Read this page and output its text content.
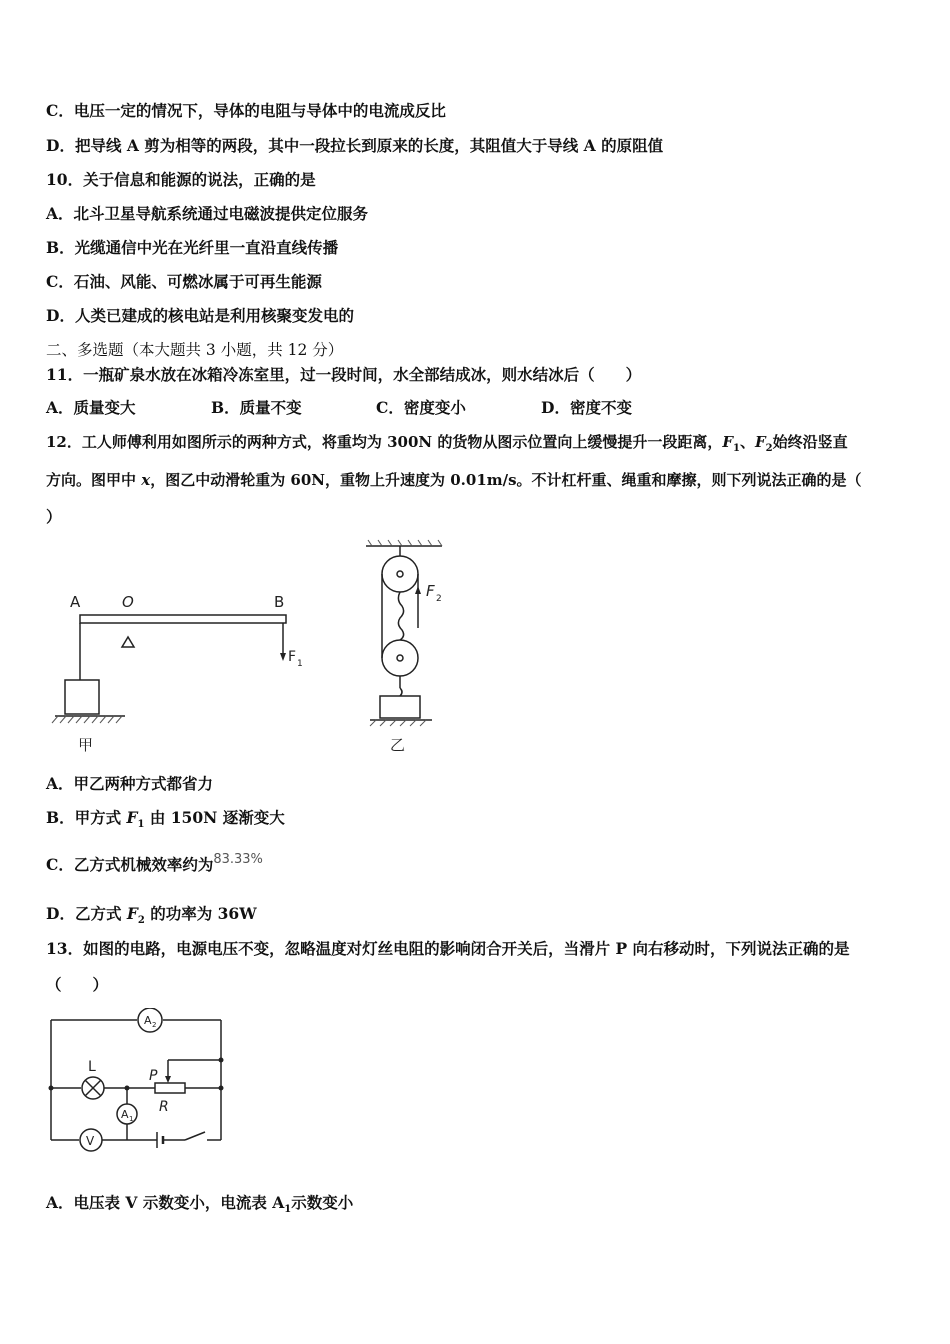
C．电压一定的情况下，导体的电阻与导体中的电流成反比
D．把导线 A 剪为相等的两段，其中一段拉长到原来的长度，其阻值大于导线 A 的原阻值
10．关于信息和能源的说法，正确的是
A．北斗卫星导航系统通过电磁波提供定位服务
B．光缆通信中光在光纤里一直沿直线传播
C．石油、风能、可燃冰属于可再生能源
D．人类已建成的核电站是利用核聚变发电的
二、多选题（本大题共 3 小题，共 12 分）
11．一瓶矿泉水放在冰箱冷冻室里，过一段时间，水全部结成冰，则水结冰后（　　）
A．质量变大	B．质量不变	C．密度变小	D．密度不变
12．工人师傅利用如图所示的两种方式，将重均为 300N 的货物从图示位置向上缓慢提升一段距离，$F_1$、$F_2$始终沿竖直
方向。图甲中 x，图乙中动滑轮重为 60N，重物上升速度为 0.01m/s。不计杠杆重、绳重和摩擦，则下列说法正确的是（
）
A	O	B
F 1
甲
F 2
乙
A．甲乙两种方式都省力
B．甲方式 $F_1$ 由 150N 逐渐变大
C．乙方式机械效率约为$^{83.33\%}$
D．乙方式 $F_2$ 的功率为 36W
13．如图的电路，电源电压不变，忽略温度对灯丝电阻的影响闭合开关后，当滑片 P 向右移动时，下列说法正确的是
（　　）
A 2
L
P
R
A 1
V
A．电压表 V 示数变小，电流表 $A_1$示数变小
